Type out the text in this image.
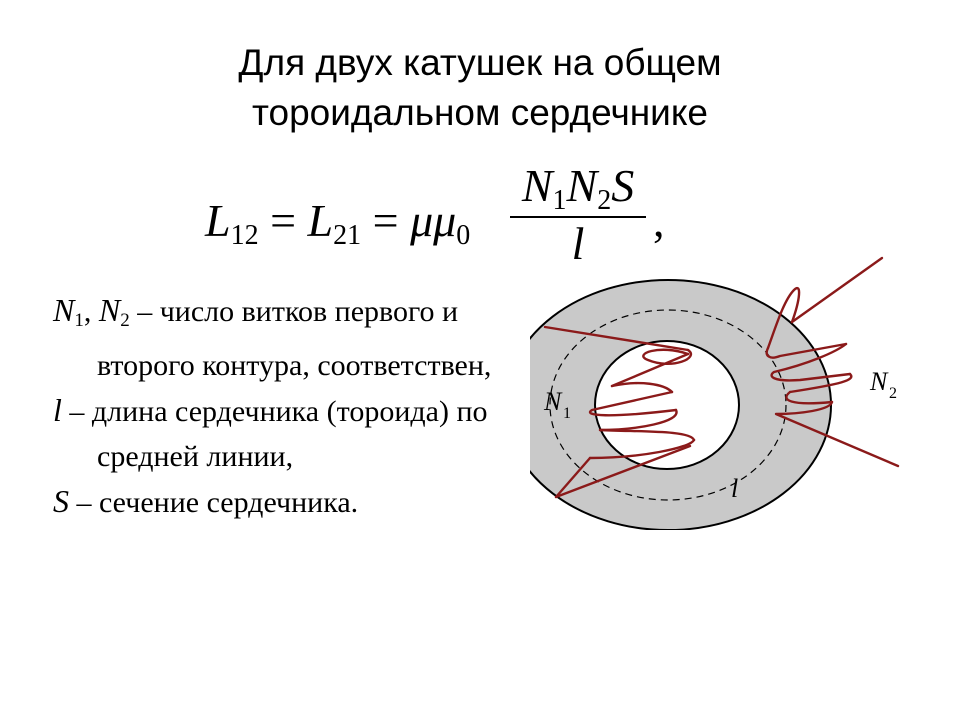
Для двух катушек на общем
тороидальном сердечнике
$L_{12} = L_{21} = \mu\mu_0$
$N_1N_2S$
l	,
$N_1$, $N_2$ – число витков первого и второго контура, соответствен,
l – длина сердечника (тороида) по средней линии,
S – сечение сердечника.
N 1
N 2
l
